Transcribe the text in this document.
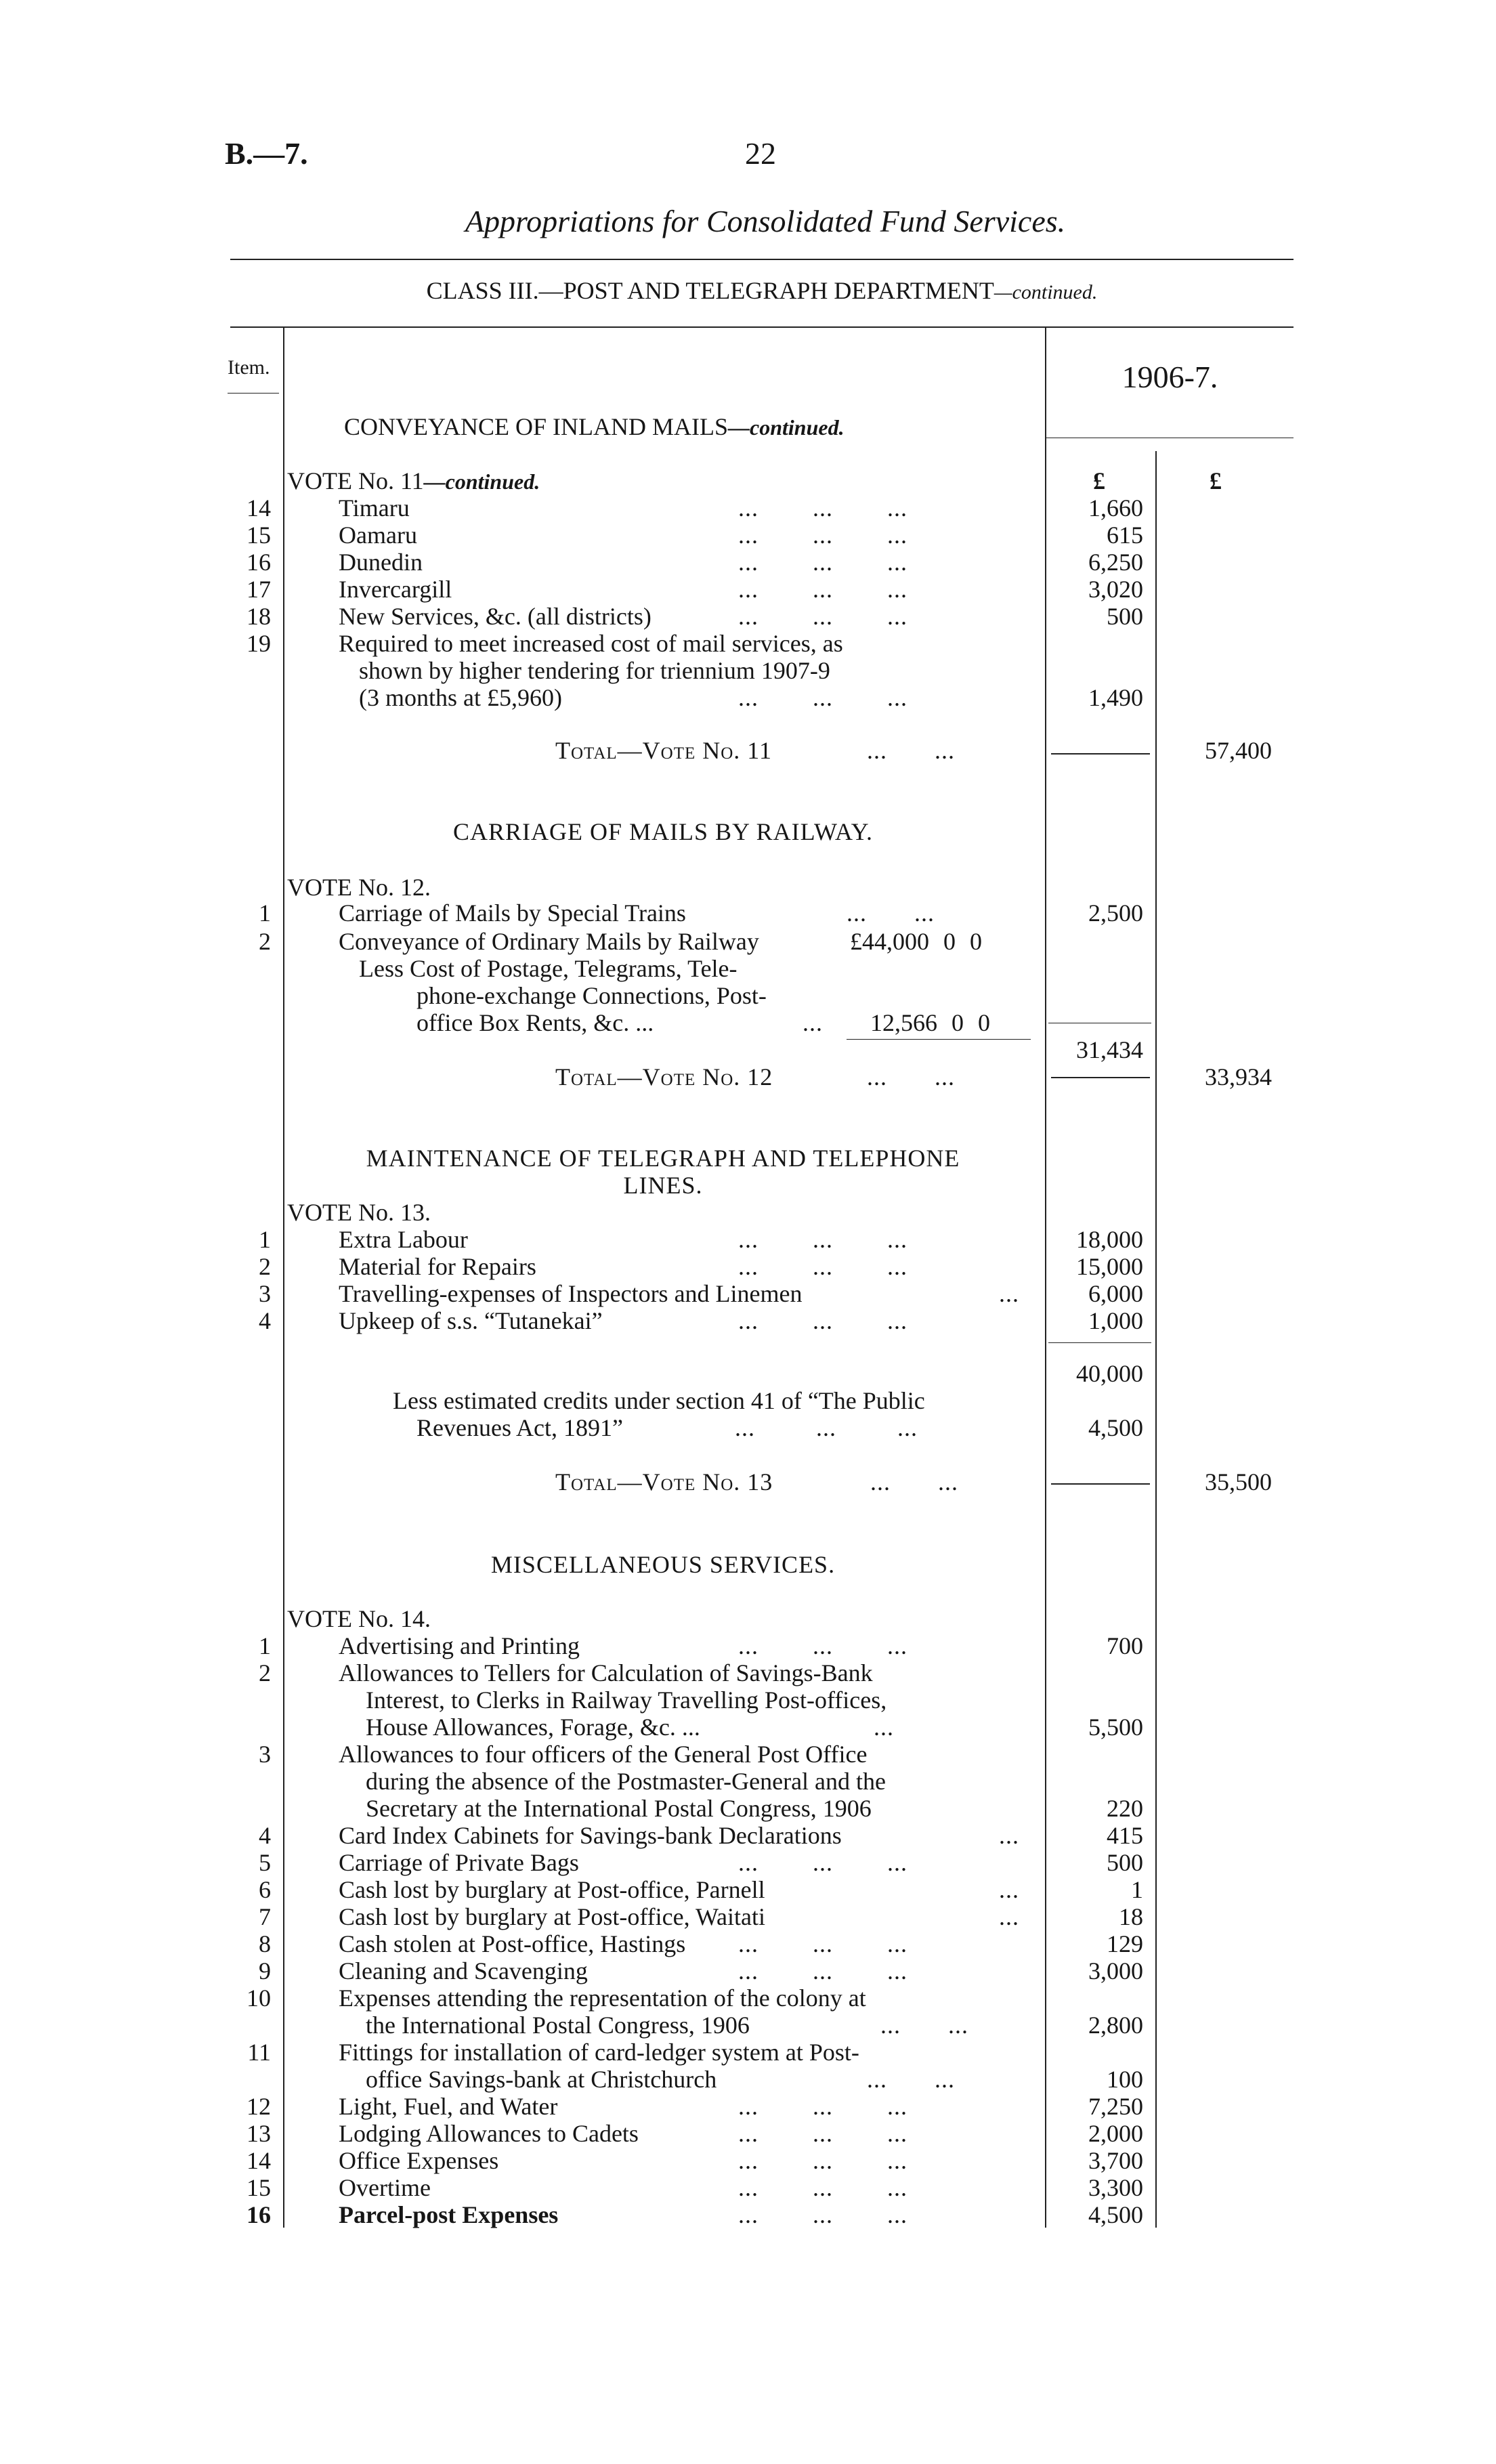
B.—7.	22
Appropriations for Consolidated Fund Services.
CLASS III.—POST AND TELEGRAPH DEPARTMENT—continued.
Item.	1906-7.
CONVEYANCE OF INLAND MAILS—continued.
VOTE No. 11—continued.	£	£
14	Timaru	...        ...        ...	1,660
15	Oamaru	...        ...        ...	615
16	Dunedin	...        ...        ...	6,250
17	Invercargill	...        ...        ...	3,020
18	New Services, &c. (all districts)	...        ...        ...	500
19	Required to meet increased cost of mail services, as
shown by higher tendering for triennium 1907-9
(3 months at £5,960)	...        ...        ...	1,490
Total—Vote No. 11	...       ...	57,400
CARRIAGE OF MAILS BY RAILWAY.
VOTE No. 12.
1	Carriage of Mails by Special Trains	...       ...	2,500
2	Conveyance of Ordinary Mails by Railway	£44,000 0 0
Less Cost of Postage, Telegrams, Tele-
phone-exchange Connections, Post-
office Box Rents, &c. ...	... 12,566 0 0
31,434
Total—Vote No. 12	...       ...	33,934
MAINTENANCE OF TELEGRAPH AND TELEPHONE
LINES.
VOTE No. 13.
1	Extra Labour	...        ...        ...	18,000
2	Material for Repairs	...        ...        ...	15,000
3	Travelling-expenses of Inspectors and Linemen	...	6,000
4	Upkeep of s.s. “Tutanekai”	...        ...        ...	1,000
40,000
Less estimated credits under section 41 of “The Public
Revenues Act, 1891”	...         ...         ...	4,500
Total—Vote No. 13	...       ...	35,500
MISCELLANEOUS SERVICES.
VOTE No. 14.
1	Advertising and Printing	...        ...        ...	700
2	Allowances to Tellers for Calculation of Savings-Bank
Interest, to Clerks in Railway Travelling Post-offices,
House Allowances, Forage, &c. ...	...	5,500
3	Allowances to four officers of the General Post Office
during the absence of the Postmaster-General and the
Secretary at the International Postal Congress, 1906	220
4	Card Index Cabinets for Savings-bank Declarations	...	415
5	Carriage of Private Bags	...        ...        ...	500
6	Cash lost by burglary at Post-office, Parnell	...	1
7	Cash lost by burglary at Post-office, Waitati	...	18
8	Cash stolen at Post-office, Hastings ...        ...        ...	129
9	Cleaning and Scavenging	...        ...        ...	3,000
10	Expenses attending the representation of the colony at
the International Postal Congress, 1906	...       ...	2,800
11	Fittings for installation of card-ledger system at Post-
office Savings-bank at Christchurch	...       ...	100
12	Light, Fuel, and Water	...        ...        ...	7,250
13	Lodging Allowances to Cadets	...        ...        ...	2,000
14	Office Expenses	...        ...        ...	3,700
15	Overtime	...        ...        ...	3,300
16	Parcel-post Expenses	...        ...        ...	4,500
